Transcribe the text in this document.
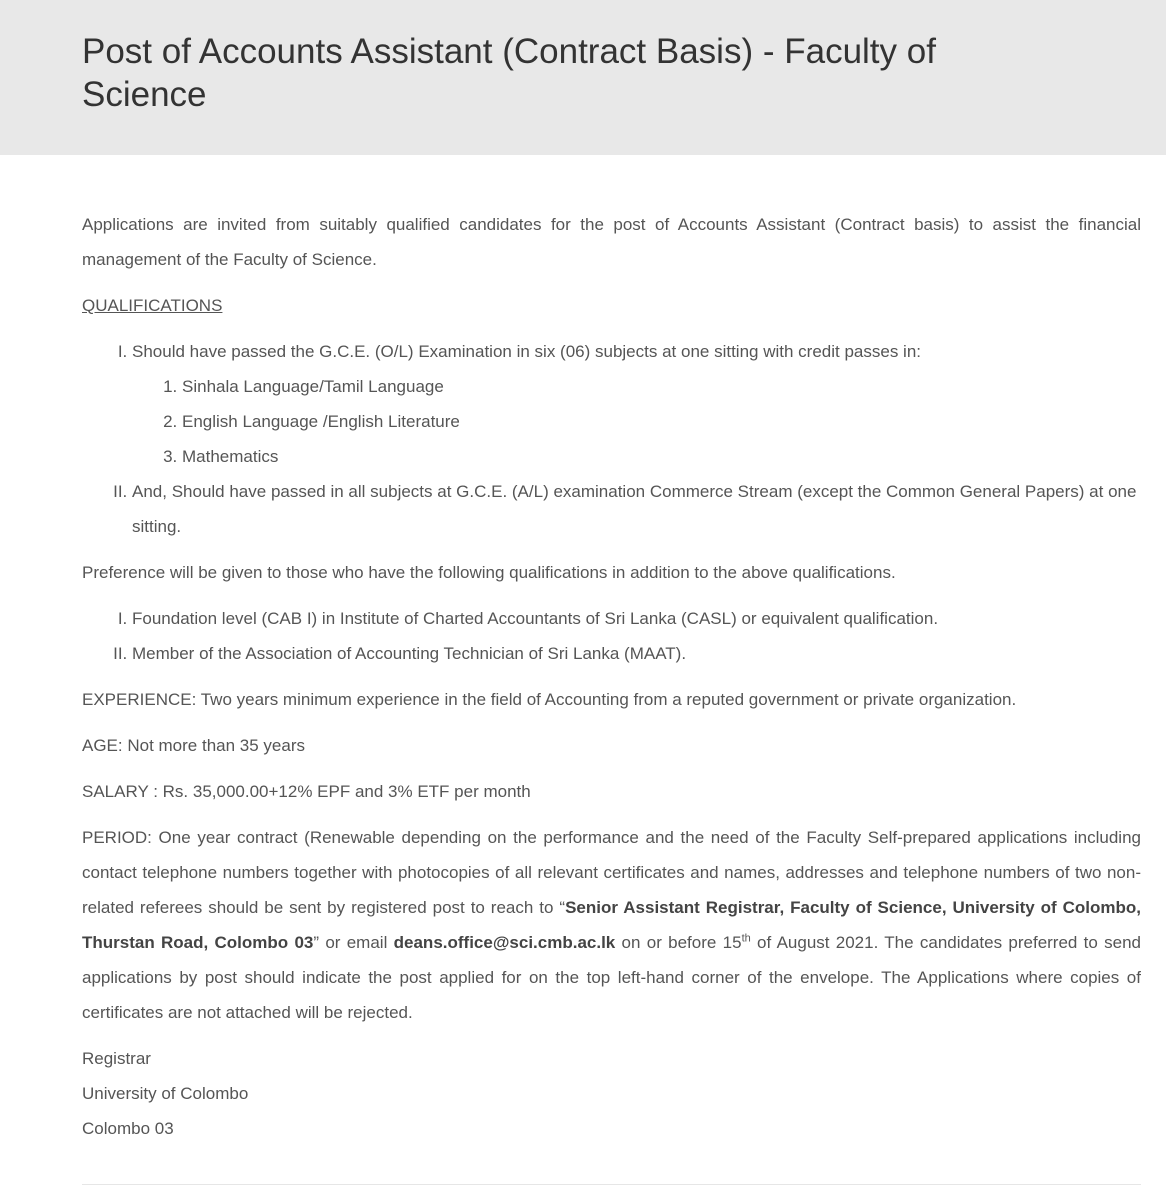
Post of Accounts Assistant (Contract Basis) - Faculty of Science

Applications are invited from suitably qualified candidates for the post of Accounts Assistant (Contract basis) to assist the financial management of the Faculty of Science.

QUALIFICATIONS

I. Should have passed the G.C.E. (O/L) Examination in six (06) subjects at one sitting with credit passes in:
1. Sinhala Language/Tamil Language
2. English Language /English Literature
3. Mathematics
II. And, Should have passed in all subjects at G.C.E. (A/L) examination Commerce Stream (except the Common General Papers) at one sitting.

Preference will be given to those who have the following qualifications in addition to the above qualifications.

I. Foundation level (CAB I) in Institute of Charted Accountants of Sri Lanka (CASL) or equivalent qualification.
II. Member of the Association of Accounting Technician of Sri Lanka (MAAT).

EXPERIENCE: Two years minimum experience in the field of Accounting from a reputed government or private organization.

AGE: Not more than 35 years

SALARY : Rs. 35,000.00+12% EPF and 3% ETF per month

PERIOD: One year contract (Renewable depending on the performance and the need of the Faculty Self-prepared applications including contact telephone numbers together with photocopies of all relevant certificates and names, addresses and telephone numbers of two non-related referees should be sent by registered post to reach to “Senior Assistant Registrar, Faculty of Science, University of Colombo, Thurstan Road, Colombo 03” or email deans.office@sci.cmb.ac.lk on or before 15th of August 2021. The candidates preferred to send applications by post should indicate the post applied for on the top left-hand corner of the envelope. The Applications where copies of certificates are not attached will be rejected.

Registrar

University of Colombo

Colombo 03
